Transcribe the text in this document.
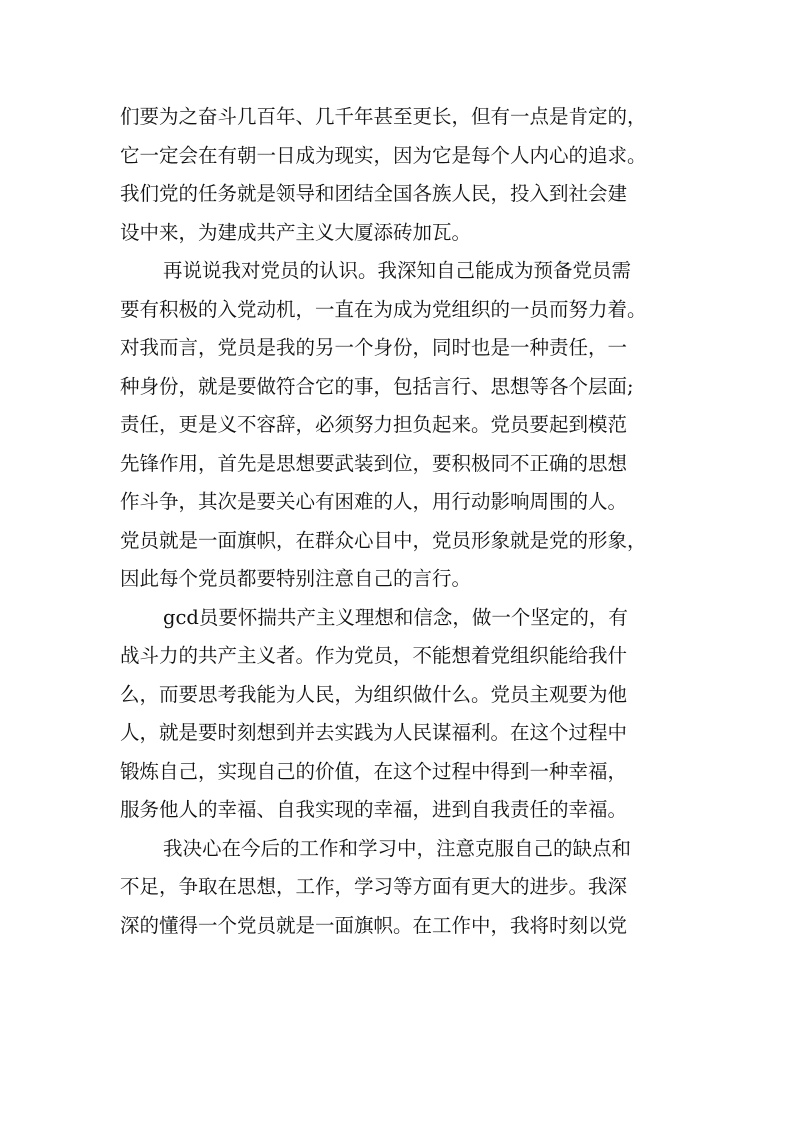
们要为之奋斗几百年、几千年甚至更长，但有一点是肯定的，
它一定会在有朝一日成为现实，因为它是每个人内心的追求。
我们党的任务就是领导和团结全国各族人民，投入到社会建
设中来，为建成共产主义大厦添砖加瓦。
再说说我对党员的认识。我深知自己能成为预备党员需
要有积极的入党动机，一直在为成为党组织的一员而努力着。
对我而言，党员是我的另一个身份，同时也是一种责任，一
种身份，就是要做符合它的事，包括言行、思想等各个层面;
责任，更是义不容辞，必须努力担负起来。党员要起到模范
先锋作用，首先是思想要武装到位，要积极同不正确的思想
作斗争，其次是要关心有困难的人，用行动影响周围的人。
党员就是一面旗帜，在群众心目中，党员形象就是党的形象，
因此每个党员都要特别注意自己的言行。
gcd员要怀揣共产主义理想和信念，做一个坚定的，有
战斗力的共产主义者。作为党员，不能想着党组织能给我什
么，而要思考我能为人民，为组织做什么。党员主观要为他
人，就是要时刻想到并去实践为人民谋福利。在这个过程中
锻炼自己，实现自己的价值，在这个过程中得到一种幸福，
服务他人的幸福、自我实现的幸福，进到自我责任的幸福。
我决心在今后的工作和学习中，注意克服自己的缺点和
不足，争取在思想，工作，学习等方面有更大的进步。我深
深的懂得一个党员就是一面旗帜。在工作中，我将时刻以党
